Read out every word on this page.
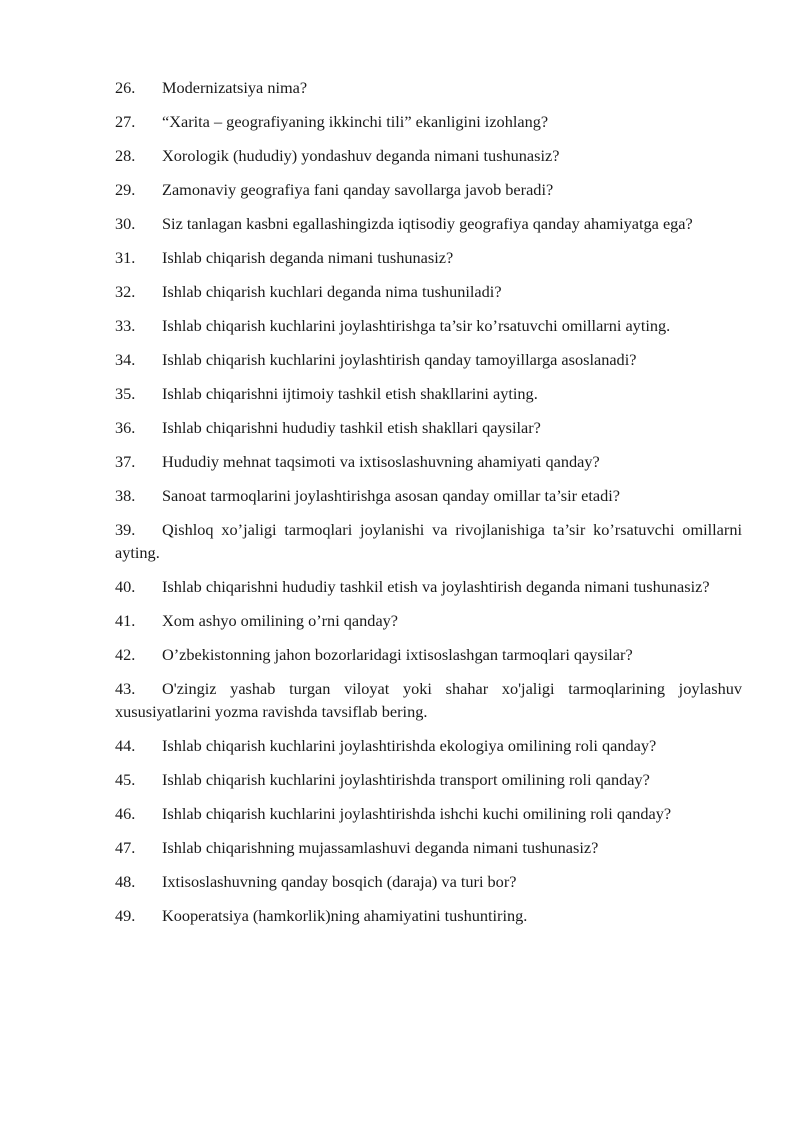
26. Modernizatsiya nima?

27. “Xarita – geografiyaning ikkinchi tili” ekanligini izohlang?

28. Xorologik (hududiy) yondashuv deganda nimani tushunasiz?

29. Zamonaviy geografiya fani qanday savollarga javob beradi?

30. Siz tanlagan kasbni egallashingizda iqtisodiy geografiya qanday ahamiyatga ega?

31. Ishlab chiqarish deganda nimani tushunasiz?

32. Ishlab chiqarish kuchlari deganda nima tushuniladi?

33. Ishlab chiqarish kuchlarini joylashtirishga ta’sir ko’rsatuvchi omillarni ayting.

34. Ishlab chiqarish kuchlarini joylashtirish qanday tamoyillarga asoslanadi?

35. Ishlab chiqarishni ijtimoiy tashkil etish shakllarini ayting.

36. Ishlab chiqarishni hududiy tashkil etish shakllari qaysilar?

37. Hududiy mehnat taqsimoti va ixtisoslashuvning ahamiyati qanday?

38. Sanoat tarmoqlarini joylashtirishga asosan qanday omillar ta’sir etadi?

39. Qishloq xo’jaligi tarmoqlari joylanishi va rivojlanishiga ta’sir ko’rsatuvchi omillarni ayting.

40. Ishlab chiqarishni hududiy tashkil etish va joylashtirish deganda nimani tushunasiz?

41. Xom ashyo omilining o’rni qanday?

42. O’zbekistonning jahon bozorlaridagi ixtisoslashgan tarmoqlari qaysilar?

43. O'zingiz yashab turgan viloyat yoki shahar xo'jaligi tarmoqlarining joylashuv xususiyatlarini yozma ravishda tavsiflab bering.

44. Ishlab chiqarish kuchlarini joylashtirishda ekologiya omilining roli qanday?

45. Ishlab chiqarish kuchlarini joylashtirishda transport omilining roli qanday?

46. Ishlab chiqarish kuchlarini joylashtirishda ishchi kuchi omilining roli qanday?

47. Ishlab chiqarishning mujassamlashuvi deganda nimani tushunasiz?

48. Ixtisoslashuvning qanday bosqich (daraja) va turi bor?

49. Kooperatsiya (hamkorlik)ning ahamiyatini tushuntiring.
